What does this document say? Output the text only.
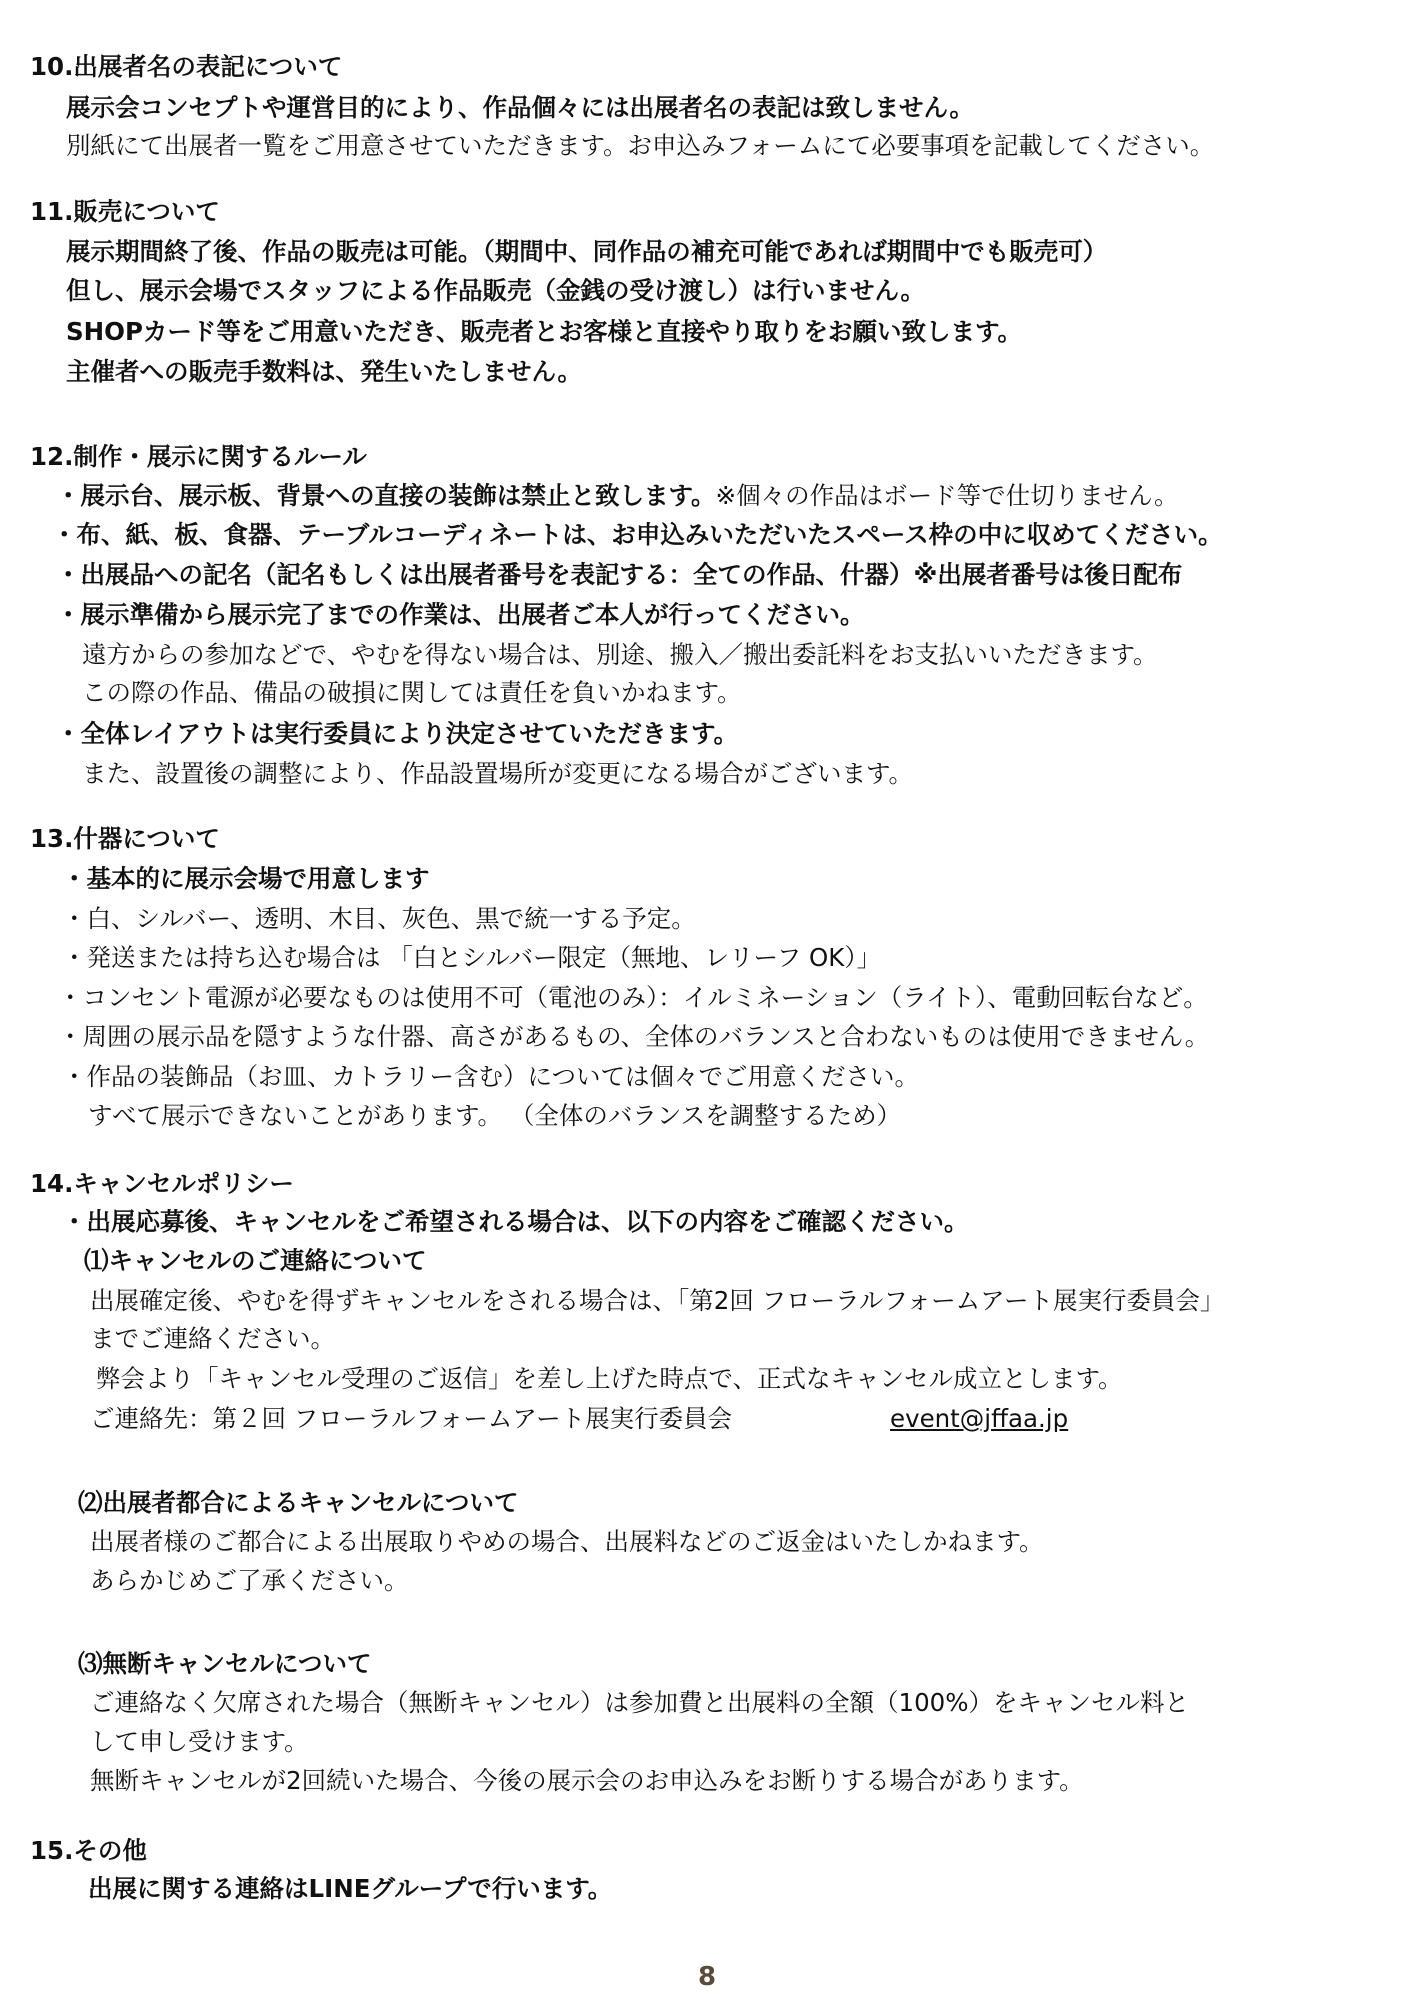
10.出展者名の表記について
展示会コンセプトや運営目的により、作品個々には出展者名の表記は致しません。
別紙にて出展者一覧をご用意させていただきます。お申込みフォームにて必要事項を記載してください。
11.販売について
展示期間終了後、作品の販売は可能。（期間中、同作品の補充可能であれば期間中でも販売可）
但し、展示会場でスタッフによる作品販売（金銭の受け渡し）は行いません。
SHOPカード等をご用意いただき、販売者とお客様と直接やり取りをお願い致します。
主催者への販売手数料は、発生いたしません。
12.制作・展示に関するルール
・展示台、展示板、背景への直接の装飾は禁止と致します。※個々の作品はボード等で仕切りません。
・布、紙、板、食器、テーブルコーディネートは、お申込みいただいたスペース枠の中に収めてください。
・出展品への記名（記名もしくは出展者番号を表記する：全ての作品、什器）※出展者番号は後日配布
・展示準備から展示完了までの作業は、出展者ご本人が行ってください。
遠方からの参加などで、やむを得ない場合は、別途、搬入／搬出委託料をお支払いいただきます。
この際の作品、備品の破損に関しては責任を負いかねます。
・全体レイアウトは実行委員により決定させていただきます。
また、設置後の調整により、作品設置場所が変更になる場合がございます。
13.什器について
・基本的に展示会場で用意します
・白、シルバー、透明、木目、灰色、黒で統一する予定。
・発送または持ち込む場合は 「白とシルバー限定（無地、レリーフ OK）」
・コンセント電源が必要なものは使用不可（電池のみ）：イルミネーション（ライト）、電動回転台など。
・周囲の展示品を隠すような什器、高さがあるもの、全体のバランスと合わないものは使用できません。
・作品の装飾品（お皿、カトラリー含む）については個々でご用意ください。
すべて展示できないことがあります。 （全体のバランスを調整するため）
14.キャンセルポリシー
・出展応募後、キャンセルをご希望される場合は、以下の内容をご確認ください。
⑴キャンセルのご連絡について
出展確定後、やむを得ずキャンセルをされる場合は、「第2回 フローラルフォームアート展実行委員会」
までご連絡ください。
弊会より「キャンセル受理のご返信」を差し上げた時点で、正式なキャンセル成立とします。
ご連絡先：第２回 フローラルフォームアート展実行委員会	event@jffaa.jp
⑵出展者都合によるキャンセルについて
出展者様のご都合による出展取りやめの場合、出展料などのご返金はいたしかねます。
あらかじめご了承ください。
⑶無断キャンセルについて
ご連絡なく欠席された場合（無断キャンセル）は参加費と出展料の全額（100%）をキャンセル料と
して申し受けます。
無断キャンセルが2回続いた場合、今後の展示会のお申込みをお断りする場合があります。
15.その他
出展に関する連絡はLINEグループで行います。
8
